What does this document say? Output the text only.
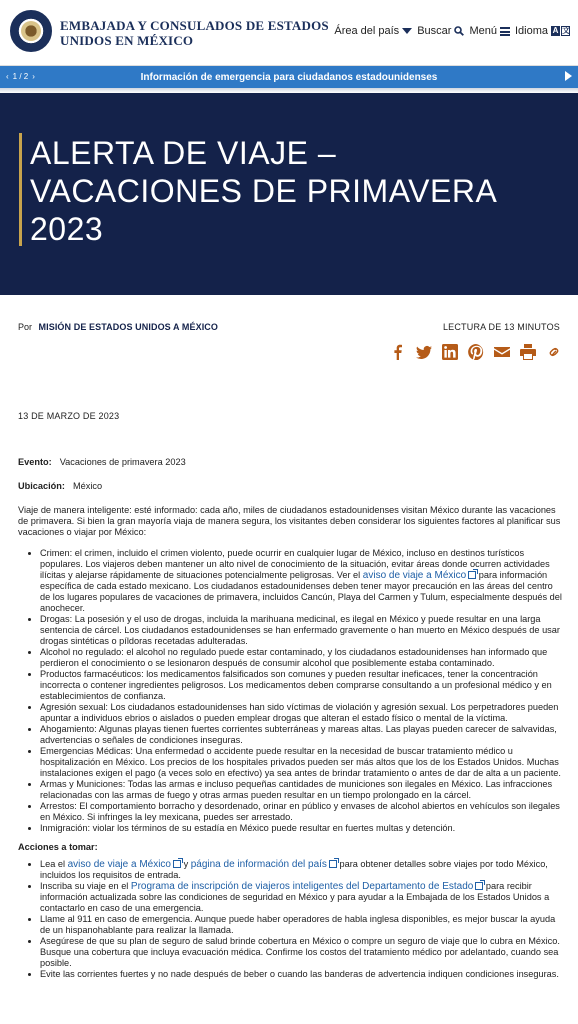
EMBAJADA Y CONSULADOS DE ESTADOS UNIDOS EN MÉXICO
Área del país Buscar Menú Idioma A 文
‹ 1 / 2 ›	Información de emergencia para ciudadanos estadounidenses
ALERTA DE VIAJE – VACACIONES DE PRIMAVERA 2023
Por MISIÓN DE ESTADOS UNIDOS A MÉXICO	LECTURA DE 13 MINUTOS
13 DE MARZO DE 2023
Evento: Vacaciones de primavera 2023
Ubicación: México

Viaje de manera inteligente: esté informado: cada año, miles de ciudadanos estadounidenses visitan México durante las vacaciones de primavera. Si bien la gran mayoría viaja de manera segura, los visitantes deben considerar los siguientes factores al planificar sus vacaciones o viajar por México:

• Crimen: el crimen, incluido el crimen violento, puede ocurrir en cualquier lugar de México, incluso en destinos turísticos populares. Los viajeros deben mantener un alto nivel de conocimiento de la situación, evitar áreas donde ocurren actividades ilícitas y alejarse rápidamente de situaciones potencialmente peligrosas. Ver el aviso de viaje a México para información específica de cada estado mexicano. Los ciudadanos estadounidenses deben tener mayor precaución en las áreas del centro de los lugares populares de vacaciones de primavera, incluidos Cancún, Playa del Carmen y Tulum, especialmente después del anochecer.
• Drogas: La posesión y el uso de drogas, incluida la marihuana medicinal, es ilegal en México y puede resultar en una larga sentencia de cárcel. Los ciudadanos estadounidenses se han enfermado gravemente o han muerto en México después de usar drogas sintéticas o píldoras recetadas adulteradas.
• Alcohol no regulado: el alcohol no regulado puede estar contaminado, y los ciudadanos estadounidenses han informado que perdieron el conocimiento o se lesionaron después de consumir alcohol que posiblemente estaba contaminado.
• Productos farmacéuticos: los medicamentos falsificados son comunes y pueden resultar ineficaces, tener la concentración incorrecta o contener ingredientes peligrosos. Los medicamentos deben comprarse consultando a un profesional médico y en establecimientos de confianza.
• Agresión sexual: Los ciudadanos estadounidenses han sido víctimas de violación y agresión sexual. Los perpetradores pueden apuntar a individuos ebrios o aislados o pueden emplear drogas que alteran el estado físico o mental de la víctima.
• Ahogamiento: Algunas playas tienen fuertes corrientes subterráneas y mareas altas. Las playas pueden carecer de salvavidas, advertencias o señales de condiciones inseguras.
• Emergencias Médicas: Una enfermedad o accidente puede resultar en la necesidad de buscar tratamiento médico u hospitalización en México. Los precios de los hospitales privados pueden ser más altos que los de los Estados Unidos. Muchas instalaciones exigen el pago (a veces solo en efectivo) ya sea antes de brindar tratamiento o antes de dar de alta a un paciente.
• Armas y Municiones: Todas las armas e incluso pequeñas cantidades de municiones son ilegales en México. Las infracciones relacionadas con las armas de fuego y otras armas pueden resultar en un tiempo prolongado en la cárcel.
• Arrestos: El comportamiento borracho y desordenado, orinar en público y envases de alcohol abiertos en vehículos son ilegales en México. Si infringes la ley mexicana, puedes ser arrestado.
• Inmigración: violar los términos de su estadía en México puede resultar en fuertes multas y detención.
Acciones a tomar:
• Lea el aviso de viaje a México y página de información del país para obtener detalles sobre viajes por todo México, incluidos los requisitos de entrada.
• Inscriba su viaje en el Programa de inscripción de viajeros inteligentes del Departamento de Estado para recibir información actualizada sobre las condiciones de seguridad en México y para ayudar a la Embajada de los Estados Unidos a contactarlo en caso de una emergencia.
• Llame al 911 en caso de emergencia. Aunque puede haber operadores de habla inglesa disponibles, es mejor buscar la ayuda de un hispanohablante para realizar la llamada.
• Asegúrese de que su plan de seguro de salud brinde cobertura en México o compre un seguro de viaje que lo cubra en México. Busque una cobertura que incluya evacuación médica. Confirme los costos del tratamiento médico por adelantado, cuando sea posible.
• Evite las corrientes fuertes y no nade después de beber o cuando las banderas de advertencia indiquen condiciones inseguras.
